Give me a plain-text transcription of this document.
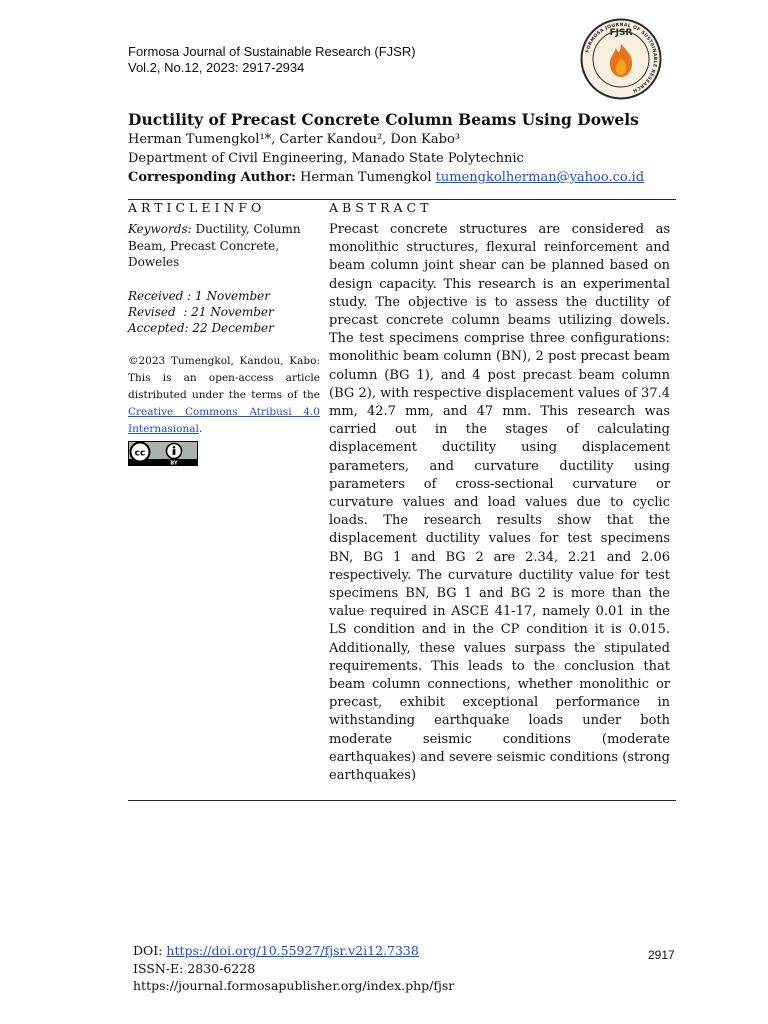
Formosa Journal of Sustainable Research (FJSR)
Vol.2, No.12, 2023: 2917-2934
FORMOSA JOURNAL OF SUSTAINABLE RESEARCH
FJSR
Ductility of Precast Concrete Column Beams Using Dowels
Herman Tumengkol¹*, Carter Kandou², Don Kabo³
Department of Civil Engineering, Manado State Polytechnic
Corresponding Author: Herman Tumengkol tumengkolherman@yahoo.co.id
ARTICLEINFO
Keywords: Ductility, Column Beam, Precast Concrete, Doweles
Received : 1 November
Revised  : 21 November
Accepted: 22 December
©2023 Tumengkol, Kandou, Kabo: This is an open-access article distributed under the terms of the Creative Commons Atribusi 4.0 Internasional.
cc
BY
ABSTRACT
Precast concrete structures are considered as monolithic structures, flexural reinforcement and beam column joint shear can be planned based on design capacity. This research is an experimental study. The objective is to assess the ductility of precast concrete column beams utilizing dowels. The test specimens comprise three configurations: monolithic beam column (BN), 2 post precast beam column (BG 1), and 4 post precast beam column (BG 2), with respective displacement values of 37.4 mm, 42.7 mm, and 47 mm. This research was carried out in the stages of calculating displacement ductility using displacement parameters, and curvature ductility using parameters of cross-sectional curvature or curvature values and load values due to cyclic loads. The research results show that the displacement ductility values for test specimens BN, BG 1 and BG 2 are 2.34, 2.21 and 2.06 respectively. The curvature ductility value for test specimens BN, BG 1 and BG 2 is more than the value required in ASCE 41-17, namely 0.01 in the LS condition and in the CP condition it is 0.015. Additionally, these values surpass the stipulated requirements. This leads to the conclusion that beam column connections, whether monolithic or precast, exhibit exceptional performance in withstanding earthquake loads under both moderate seismic conditions (moderate earthquakes) and severe seismic conditions (strong earthquakes)
DOI: https://doi.org/10.55927/fjsr.v2i12.7338
ISSN-E: 2830-6228
https://journal.formosapublisher.org/index.php/fjsr
2917
